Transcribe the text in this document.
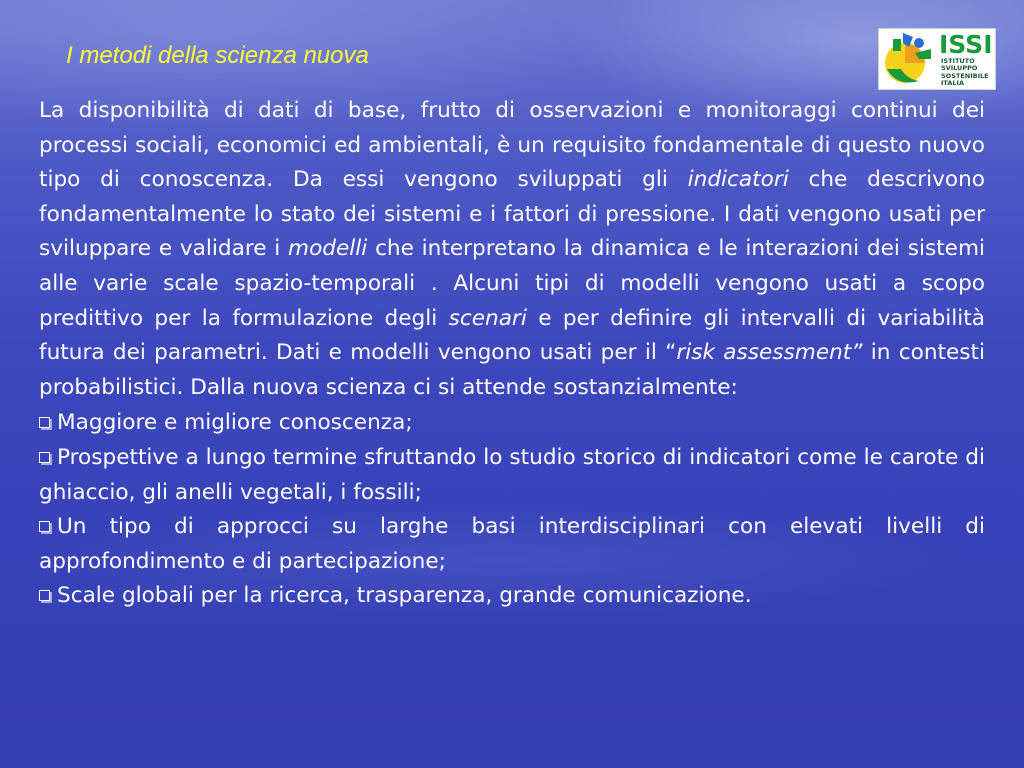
I metodi della scienza nuova	ISSI
ISTITUTO
SVILUPPO
SOSTENIBILE
ITALIA

La disponibilità di dati di base, frutto di osservazioni e monitoraggi continui dei processi sociali, economici ed ambientali, è un requisito fondamentale di questo nuovo tipo di conoscenza. Da essi vengono sviluppati gli indicatori che descrivono fondamentalmente lo stato dei sistemi e i fattori di pressione. I dati vengono usati per sviluppare e validare i modelli che interpretano la dinamica e le interazioni dei sistemi alle varie scale spazio-temporali . Alcuni tipi di modelli vengono usati a scopo predittivo per la formulazione degli scenari e per definire gli intervalli di variabilità futura dei parametri. Dati e modelli vengono usati per il “risk assessment” in contesti probabilistici. Dalla nuova scienza ci si attende sostanzialmente:

Maggiore e migliore conoscenza;

Prospettive a lungo termine sfruttando lo studio storico di indicatori come le carote di ghiaccio, gli anelli vegetali, i fossili;

Un tipo di approcci su larghe basi interdisciplinari con elevati livelli di approfondimento e di partecipazione;

Scale globali per la ricerca, trasparenza, grande comunicazione.
